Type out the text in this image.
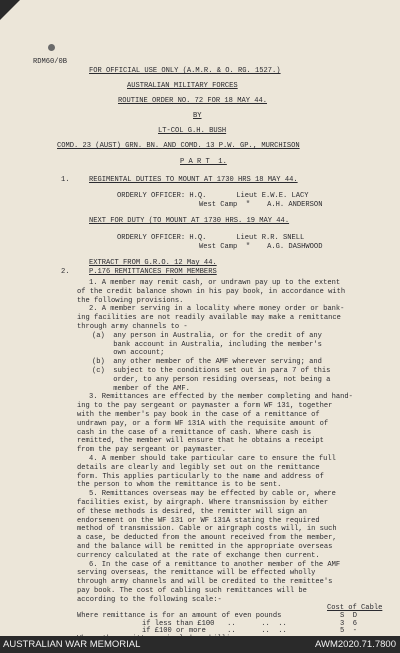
RDM60/0B
FOR OFFICIAL USE ONLY (A.M.R. & O. RG. 1527.)
AUSTRALIAN MILITARY FORCES
ROUTINE ORDER NO. 72 FOR 18 MAY 44.
BY
LT-COL G.H. BUSH
COMD. 23 (AUST) GRN. BN. AND COMD. 13 P.W. GP., MURCHISON
P A R T  1.
1.	REGIMENTAL DUTIES TO MOUNT AT 1730 HRS 18 MAY 44.
ORDERLY OFFICER: H.Q.       Lieut E.W.E. LACY
West Camp  "    A.H. ANDERSON
NEXT FOR DUTY (TO MOUNT AT 1730 HRS. 19 MAY 44.
ORDERLY OFFICER: H.Q.       Lieut R.R. SNELL
West Camp  "    A.G. DASHWOOD
EXTRACT FROM G.R.O. 12 May 44.
2.	P.176 REMITTANCES FROM MEMBERS
1. A member may remit cash, or undrawn pay up to the extent
of the credit balance shown in his pay book, in accordance with
the following provisions.
2. A member serving in a locality where money order or bank-
ing facilities are not readily available may make a remittance
through army channels to -
(a)  any person in Australia, or for the credit of any
bank account in Australia, including the member's
own account;
(b)  any other member of the AMF wherever serving; and
(c)  subject to the conditions set out in para 7 of this
order, to any person residing overseas, not being a
member of the AMF.
3. Remittances are effected by the member completing and hand-
ing to the pay sergeant or paymaster a form WF 131, together
with the member's pay book in the case of a remittance of
undrawn pay, or a form WF 131A with the requisite amount of
cash in the case of a remittance of cash. Where cash is
remitted, the member will ensure that he obtains a receipt
from the pay sergeant or paymaster.
4. A member should take particular care to ensure the full
details are clearly and legibly set out on the remittance
form. This applies particularly to the name and address of
the person to whom the remittance is to be sent.
5. Remittances overseas may be effected by cable or, where
facilities exist, by airgraph. Where transmission by either
of these methods is desired, the remitter will sign an
endorsement on the WF 131 or WF 131A stating the required
method of transmission. Cable or airgraph costs will, in such
a case, be deducted from the amount received from the member,
and the balance will be remitted in the appropriate overseas
currency calculated at the rate of exchange then current.
6. In the case of a remittance to another member of the AMF
serving overseas, the remittance will be effected wholly
through army channels and will be credited to the remittee's
pay book. The cost of cabling such remittances will be
according to the following scale:-
Cost of Cable
S  D
Where remittance is for an amount of even pounds
if less than £100   ..      ..  ..	3  6
if £100 or more     ..      ..  ..	5  -
AUSTRALIAN WAR MEMORIAL	AWM2020.71.7800
